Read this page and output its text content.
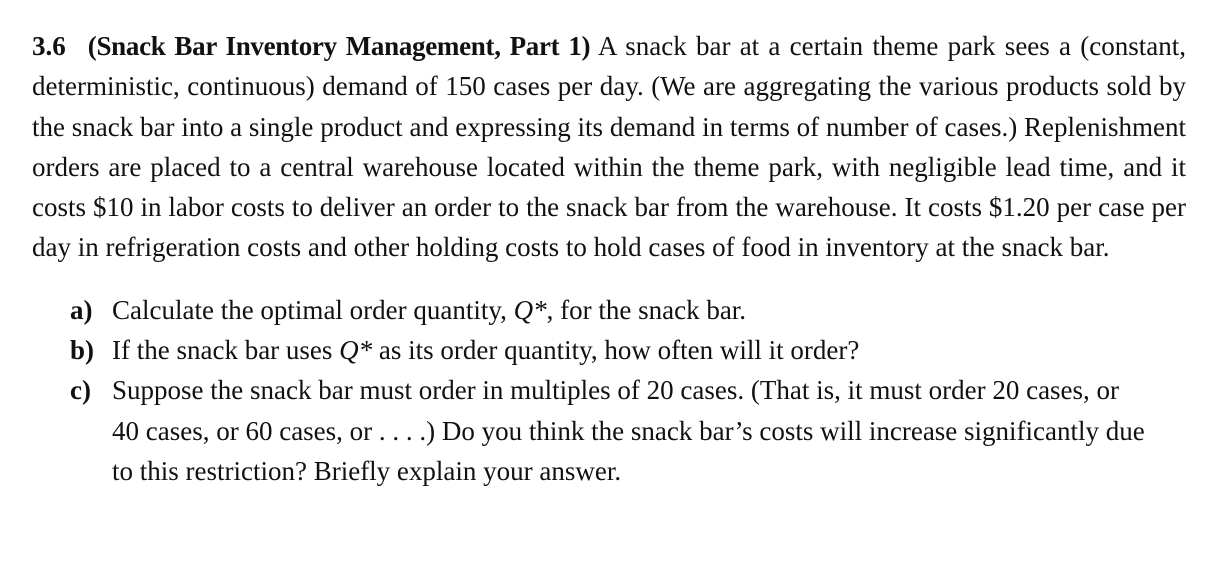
3.6 (Snack Bar Inventory Management, Part 1) A snack bar at a certain theme park sees a (constant, deterministic, continuous) demand of 150 cases per day. (We are aggregating the various products sold by the snack bar into a single product and expressing its demand in terms of number of cases.) Replenishment orders are placed to a central warehouse located within the theme park, with negligible lead time, and it costs $10 in labor costs to deliver an order to the snack bar from the warehouse. It costs $1.20 per case per day in refrigeration costs and other holding costs to hold cases of food in inventory at the snack bar.

a) Calculate the optimal order quantity, Q*, for the snack bar.
b) If the snack bar uses Q* as its order quantity, how often will it order?
c) Suppose the snack bar must order in multiples of 20 cases. (That is, it must order 20 cases, or 40 cases, or 60 cases, or . . . .) Do you think the snack bar’s costs will increase significantly due to this restriction? Briefly explain your answer.
